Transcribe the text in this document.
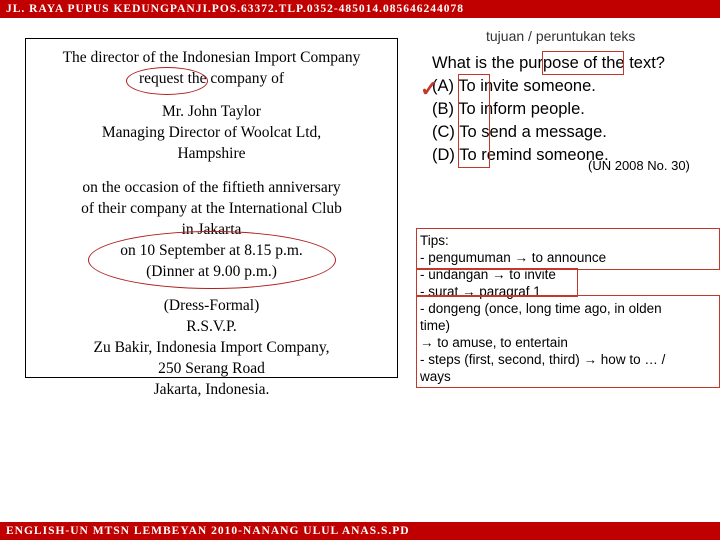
JL. RAYA PUPUS KEDUNGPANJI.POS.63372.TLP.0352-485014.085646244078
The director of the Indonesian Import Company
request the company of
Mr. John Taylor
Managing Director of Woolcat Ltd,
Hampshire
on the occasion of the fiftieth anniversary
of their company at the International Club
in Jakarta
on 10 September at 8.15 p.m.
(Dinner at 9.00 p.m.)
(Dress-Formal)
R.S.V.P.
Zu Bakir, Indonesia Import Company,
250 Serang Road
Jakarta, Indonesia.
tujuan / peruntukan teks
What is the purpose of the text?
(A) To invite someone.
(B) To inform people.
(C) To send a message.
(D) To remind someone.
✓
(UN 2008 No. 30)
Tips:
- pengumuman → to announce
- undangan → to invite
- surat → paragraf 1
- dongeng (once, long time ago, in olden
time)
→ to amuse, to entertain
- steps (first, second, third) → how to … /
ways
ENGLISH-UN MTSN LEMBEYAN 2010-NANANG ULUL ANAS.S.PD
